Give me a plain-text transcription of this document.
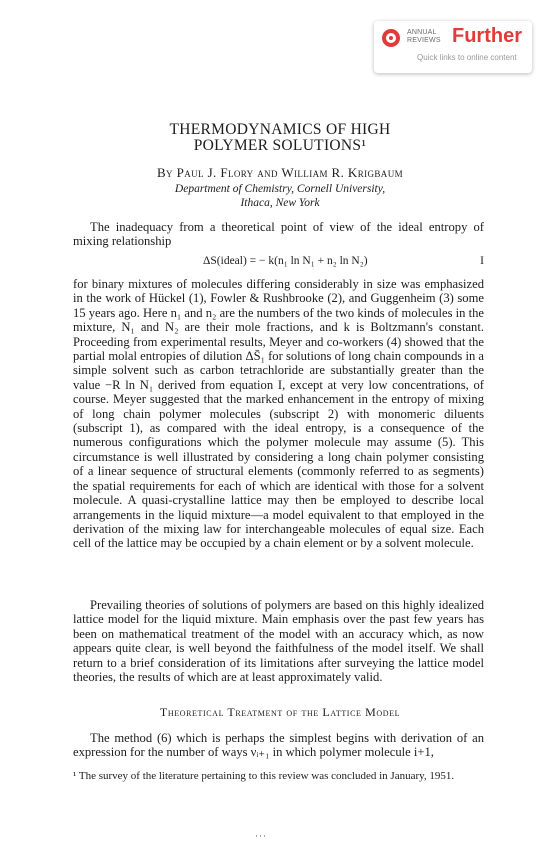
ANNUAL
REVIEWS Further
Quick links to online content
THERMODYNAMICS OF HIGH
POLYMER SOLUTIONS¹
By Paul J. Flory and William R. Krigbaum
Department of Chemistry, Cornell University,
Ithaca, New York

The inadequacy from a theoretical point of view of the ideal entropy of mixing relationship

ΔS(ideal) = − k(n₁ ln N₁ + n₂ ln N₂)	I

for binary mixtures of molecules differing considerably in size was emphasized in the work of Hückel (1), Fowler & Rushbrooke (2), and Guggenheim (3) some 15 years ago. Here n₁ and n₂ are the numbers of the two kinds of molecules in the mixture, N₁ and N₂ are their mole fractions, and k is Boltzmann's constant. Proceeding from experimental results, Meyer and co-workers (4) showed that the partial molal entropies of dilution ΔS̄₁ for solutions of long chain compounds in a simple solvent such as carbon tetrachloride are substantially greater than the value −R ln N₁ derived from equation I, except at very low concentrations, of course. Meyer suggested that the marked enhancement in the entropy of mixing of long chain polymer molecules (subscript 2) with monomeric diluents (subscript 1), as compared with the ideal entropy, is a consequence of the numerous configurations which the polymer molecule may assume (5). This circumstance is well illustrated by considering a long chain polymer consisting of a linear sequence of structural elements (commonly referred to as segments) the spatial requirements for each of which are identical with those for a solvent molecule. A quasi-crystalline lattice may then be employed to describe local arrangements in the liquid mixture—a model equivalent to that employed in the derivation of the mixing law for interchangeable molecules of equal size. Each cell of the lattice may be occupied by a chain element or by a solvent molecule.

Prevailing theories of solutions of polymers are based on this highly idealized lattice model for the liquid mixture. Main emphasis over the past few years has been on mathematical treatment of the model with an accuracy which, as now appears quite clear, is well beyond the faithfulness of the model itself. We shall return to a brief consideration of its limitations after surveying the lattice model theories, the results of which are at least approximately valid.

Theoretical Treatment of the Lattice Model

The method (6) which is perhaps the simplest begins with derivation of an expression for the number of ways νᵢ₊₁ in which polymer molecule i+1,

¹ The survey of the literature pertaining to this review was concluded in January, 1951.
···
